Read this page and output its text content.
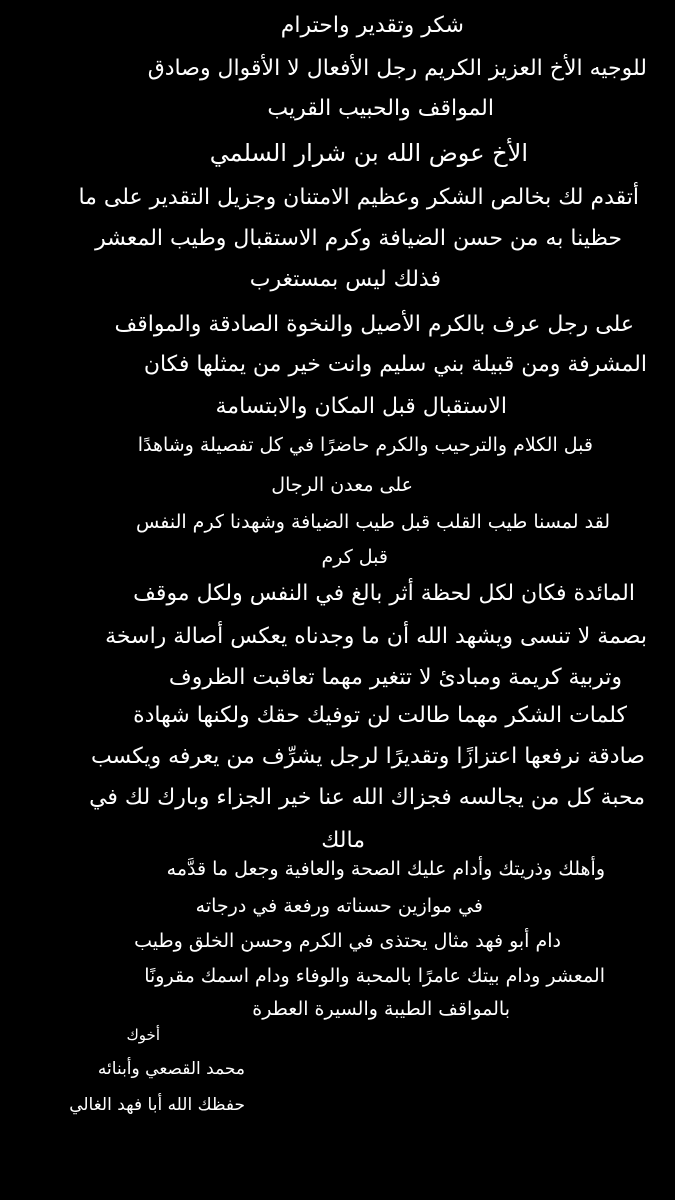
شكر وتقدير واحترام
للوجيه الأخ العزيز الكريم رجل الأفعال لا الأقوال وصادق
المواقف والحبيب القريب
الأخ عوض الله بن شرار السلمي
أتقدم لك بخالص الشكر وعظيم الامتنان وجزيل التقدير على ما
حظينا به من حسن الضيافة وكرم الاستقبال وطيب المعشر
فذلك ليس بمستغرب
على رجل عرف بالكرم الأصيل والنخوة الصادقة والمواقف
المشرفة ومن قبيلة بني سليم وانت خير من يمثلها فكان
الاستقبال قبل المكان والابتسامة
قبل الكلام والترحيب والكرم حاضرًا في كل تفصيلة وشاهدًا
على معدن الرجال
لقد لمسنا طيب القلب قبل طيب الضيافة وشهدنا كرم النفس
قبل كرم
المائدة فكان لكل لحظة أثر بالغ في النفس ولكل موقف
بصمة لا تنسى ويشهد الله أن ما وجدناه يعكس أصالة راسخة
وتربية كريمة ومبادئ لا تتغير مهما تعاقبت الظروف
كلمات الشكر مهما طالت لن توفيك حقك ولكنها شهادة
صادقة نرفعها اعتزازًا وتقديرًا لرجل يشرِّف من يعرفه ويكسب
محبة كل من يجالسه فجزاك الله عنا خير الجزاء وبارك لك في
مالك
وأهلك وذريتك وأدام عليك الصحة والعافية وجعل ما قدَّمه
في موازين حسناته ورفعة في درجاته
دام أبو فهد مثال يحتذى في الكرم وحسن الخلق وطيب
المعشر ودام بيتك عامرًا بالمحبة والوفاء ودام اسمك مقرونًا
بالمواقف الطيبة والسيرة العطرة
أخوك
محمد القصعي وأبنائه
حفظك الله أبا فهد الغالي
